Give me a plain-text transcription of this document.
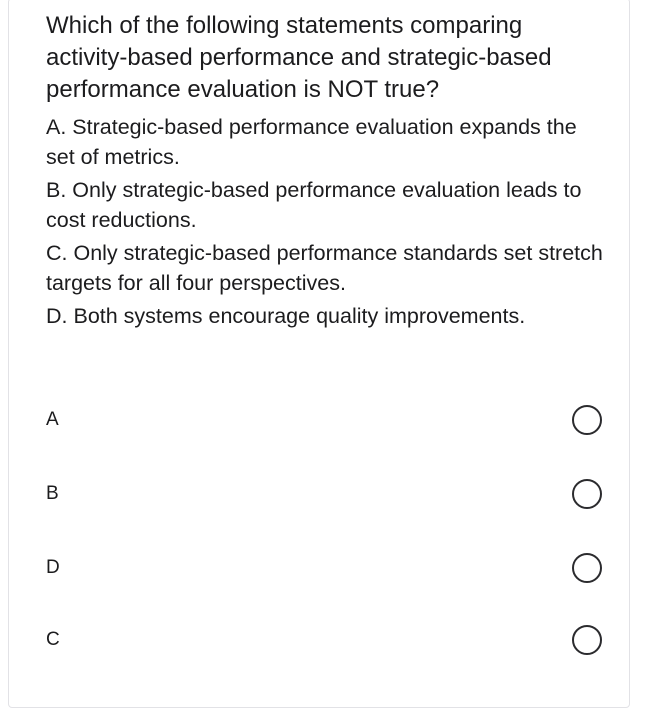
Which of the following statements comparing activity-based performance and strategic-based performance evaluation is NOT true?

A. Strategic-based performance evaluation expands the set of metrics.
B. Only strategic-based performance evaluation leads to cost reductions.
C. Only strategic-based performance standards set stretch targets for all four perspectives.
D. Both systems encourage quality improvements.
A
B
D
C
